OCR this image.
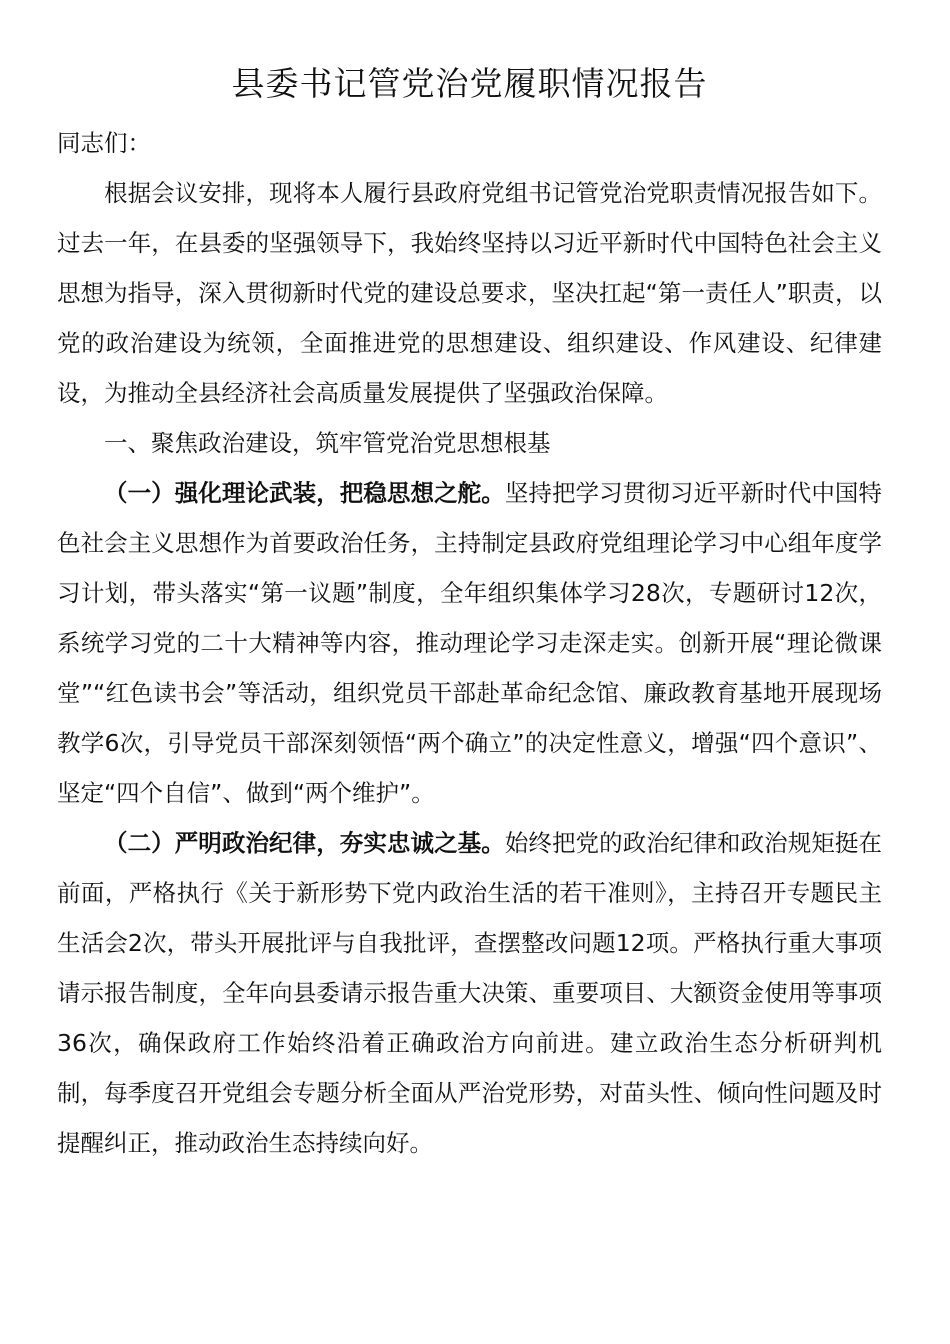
县委书记管党治党履职情况报告

同志们：

根据会议安排，现将本人履行县政府党组书记管党治党职责情况报告如下。过去一年，在县委的坚强领导下，我始终坚持以习近平新时代中国特色社会主义思想为指导，深入贯彻新时代党的建设总要求，坚决扛起“第一责任人”职责，以党的政治建设为统领，全面推进党的思想建设、组织建设、作风建设、纪律建设，为推动全县经济社会高质量发展提供了坚强政治保障。

一、聚焦政治建设，筑牢管党治党思想根基

（一）强化理论武装，把稳思想之舵。坚持把学习贯彻习近平新时代中国特色社会主义思想作为首要政治任务，主持制定县政府党组理论学习中心组年度学习计划，带头落实“第一议题”制度，全年组织集体学习28次，专题研讨12次，系统学习党的二十大精神等内容，推动理论学习走深走实。创新开展“理论微课堂”“红色读书会”等活动，组织党员干部赴革命纪念馆、廉政教育基地开展现场教学6次，引导党员干部深刻领悟“两个确立”的决定性意义，增强“四个意识”、坚定“四个自信”、做到“两个维护”。

（二）严明政治纪律，夯实忠诚之基。始终把党的政治纪律和政治规矩挺在前面，严格执行《关于新形势下党内政治生活的若干准则》，主持召开专题民主生活会2次，带头开展批评与自我批评，查摆整改问题12项。严格执行重大事项请示报告制度，全年向县委请示报告重大决策、重要项目、大额资金使用等事项36次，确保政府工作始终沿着正确政治方向前进。建立政治生态分析研判机制，每季度召开党组会专题分析全面从严治党形势，对苗头性、倾向性问题及时提醒纠正，推动政治生态持续向好。
